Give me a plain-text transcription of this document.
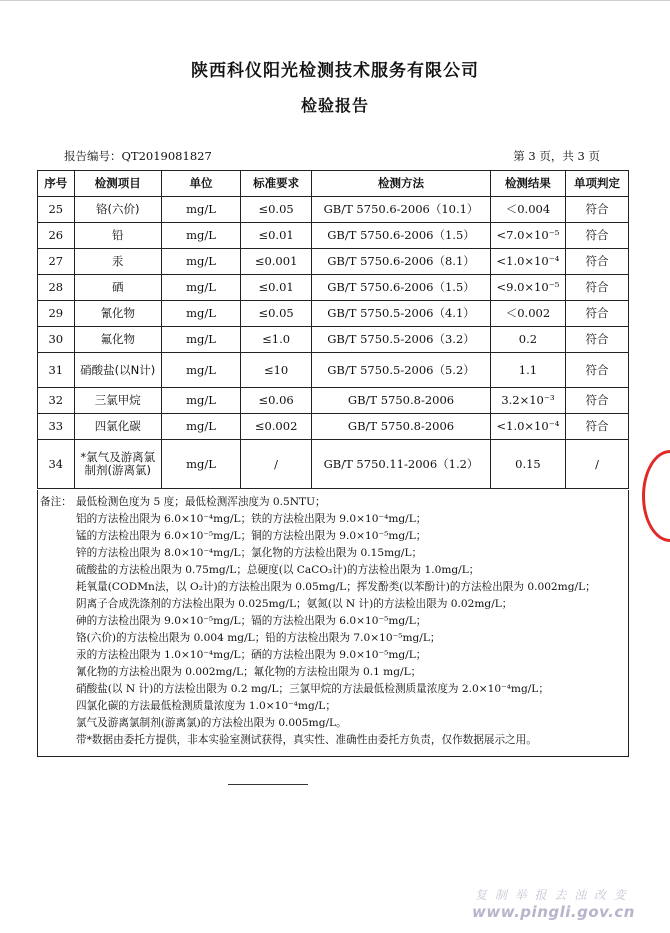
陕西科仪阳光检测技术服务有限公司
检验报告
报告编号：QT2019081827	第 3 页，共 3 页
序号	检测项目	单位	标准要求	检测方法	检测结果	单项判定
25	铬(六价)	mg/L	≤0.05	GB/T 5750.6-2006（10.1）	＜0.004	符合
26	铅	mg/L	≤0.01	GB/T 5750.6-2006（1.5）	<7.0×10⁻⁵	符合
27	汞	mg/L	≤0.001	GB/T 5750.6-2006（8.1）	<1.0×10⁻⁴	符合
28	硒	mg/L	≤0.01	GB/T 5750.6-2006（1.5）	<9.0×10⁻⁵	符合
29	氰化物	mg/L	≤0.05	GB/T 5750.5-2006（4.1）	＜0.002	符合
30	氟化物	mg/L	≤1.0	GB/T 5750.5-2006（3.2）	0.2	符合
31	硝酸盐(以N计)	mg/L	≤10	GB/T 5750.5-2006（5.2）	1.1	符合
32	三氯甲烷	mg/L	≤0.06	GB/T 5750.8-2006	3.2×10⁻³	符合
33	四氯化碳	mg/L	≤0.002	GB/T 5750.8-2006	<1.0×10⁻⁴	符合
34	*氯气及游离氯制剂(游离氯)	mg/L	/	GB/T 5750.11-2006（1.2）	0.15	/
备注： 最低检测色度为 5 度；最低检测浑浊度为 0.5NTU；
铝的方法检出限为 6.0×10⁻⁴mg/L；铁的方法检出限为 9.0×10⁻⁴mg/L；
锰的方法检出限为 6.0×10⁻⁵mg/L；铜的方法检出限为 9.0×10⁻⁵mg/L；
锌的方法检出限为 8.0×10⁻⁴mg/L；氯化物的方法检出限为 0.15mg/L；
硫酸盐的方法检出限为 0.75mg/L；总硬度(以 CaCO₃计)的方法检出限为 1.0mg/L；
耗氧量(CODMn法，以 O₂计)的方法检出限为 0.05mg/L；挥发酚类(以苯酚计)的方法检出限为 0.002mg/L；
阴离子合成洗涤剂的方法检出限为 0.025mg/L；氨氮(以 N 计)的方法检出限为 0.02mg/L；
砷的方法检出限为 9.0×10⁻⁵mg/L；镉的方法检出限为 6.0×10⁻⁵mg/L；
铬(六价)的方法检出限为 0.004 mg/L；铅的方法检出限为 7.0×10⁻⁵mg/L；
汞的方法检出限为 1.0×10⁻⁴mg/L；硒的方法检出限为 9.0×10⁻⁵mg/L；
氰化物的方法检出限为 0.002mg/L；氟化物的方法检出限为 0.1 mg/L；
硝酸盐(以 N 计)的方法检出限为 0.2 mg/L；三氯甲烷的方法最低检测质量浓度为 2.0×10⁻⁴mg/L；
四氯化碳的方法最低检测质量浓度为 1.0×10⁻⁴mg/L；
氯气及游离氯制剂(游离氯)的方法检出限为 0.005mg/L。
带*数据由委托方提供，非本实验室测试获得，真实性、准确性由委托方负责，仅作数据展示之用。
复 制 举 报 去 浊 改 变
www.pingli.gov.cn
